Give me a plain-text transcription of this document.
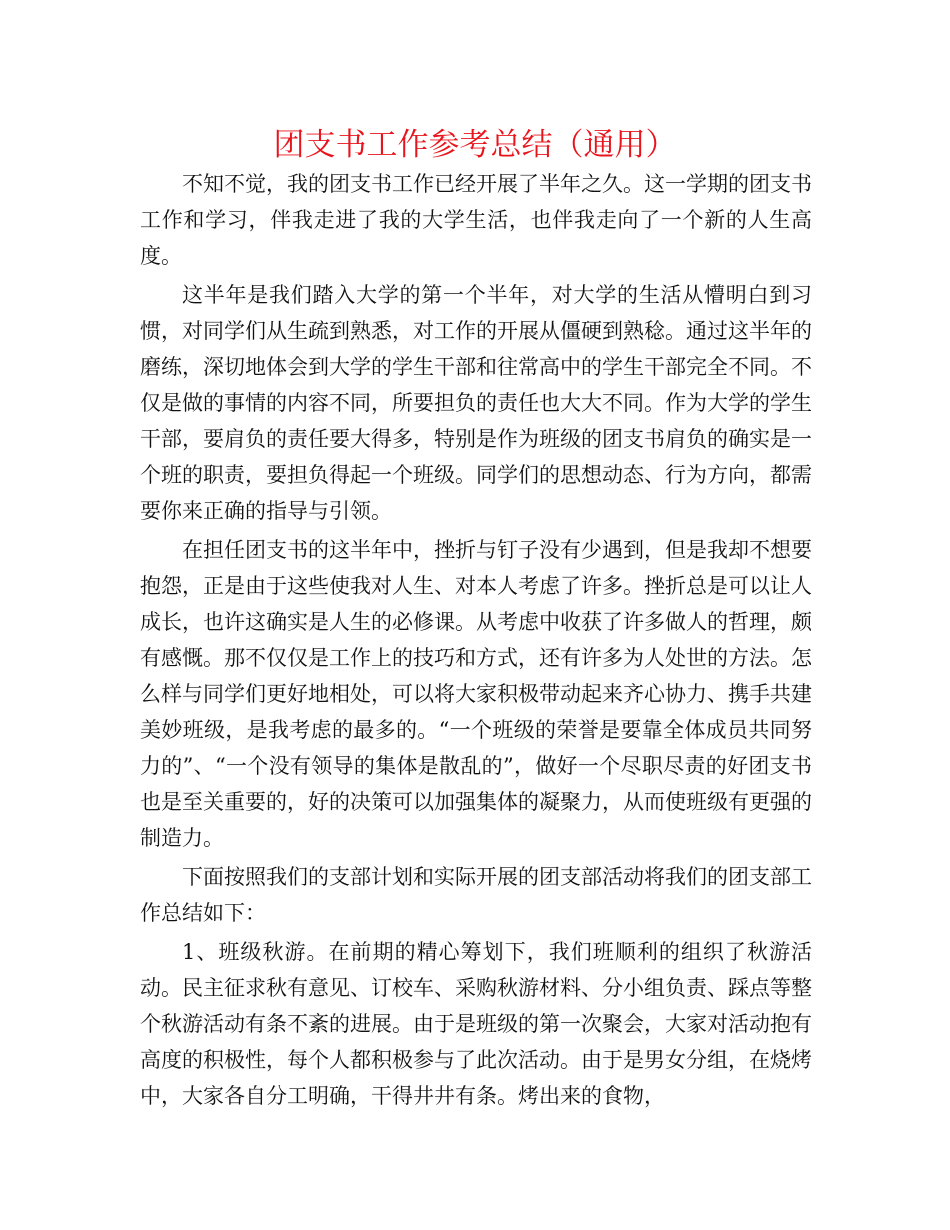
团支书工作参考总结（通用）

不知不觉，我的团支书工作已经开展了半年之久。这一学期的团支书工作和学习，伴我走进了我的大学生活，也伴我走向了一个新的人生高度。

这半年是我们踏入大学的第一个半年，对大学的生活从懵明白到习惯，对同学们从生疏到熟悉，对工作的开展从僵硬到熟稔。通过这半年的磨练，深切地体会到大学的学生干部和往常高中的学生干部完全不同。不仅是做的事情的内容不同，所要担负的责任也大大不同。作为大学的学生干部，要肩负的责任要大得多，特别是作为班级的团支书肩负的确实是一个班的职责，要担负得起一个班级。同学们的思想动态、行为方向，都需要你来正确的指导与引领。

在担任团支书的这半年中，挫折与钉子没有少遇到，但是我却不想要抱怨，正是由于这些使我对人生、对本人考虑了许多。挫折总是可以让人成长，也许这确实是人生的必修课。从考虑中收获了许多做人的哲理，颇有感慨。那不仅仅是工作上的技巧和方式，还有许多为人处世的方法。怎么样与同学们更好地相处，可以将大家积极带动起来齐心协力、携手共建美妙班级，是我考虑的最多的。“一个班级的荣誉是要靠全体成员共同努力的”、“一个没有领导的集体是散乱的”，做好一个尽职尽责的好团支书也是至关重要的，好的决策可以加强集体的凝聚力，从而使班级有更强的制造力。

下面按照我们的支部计划和实际开展的团支部活动将我们的团支部工作总结如下：

1、班级秋游。在前期的精心筹划下，我们班顺利的组织了秋游活动。民主征求秋有意见、订校车、采购秋游材料、分小组负责、踩点等整个秋游活动有条不紊的进展。由于是班级的第一次聚会，大家对活动抱有高度的积极性，每个人都积极参与了此次活动。由于是男女分组，在烧烤中，大家各自分工明确，干得井井有条。烤出来的食物，
